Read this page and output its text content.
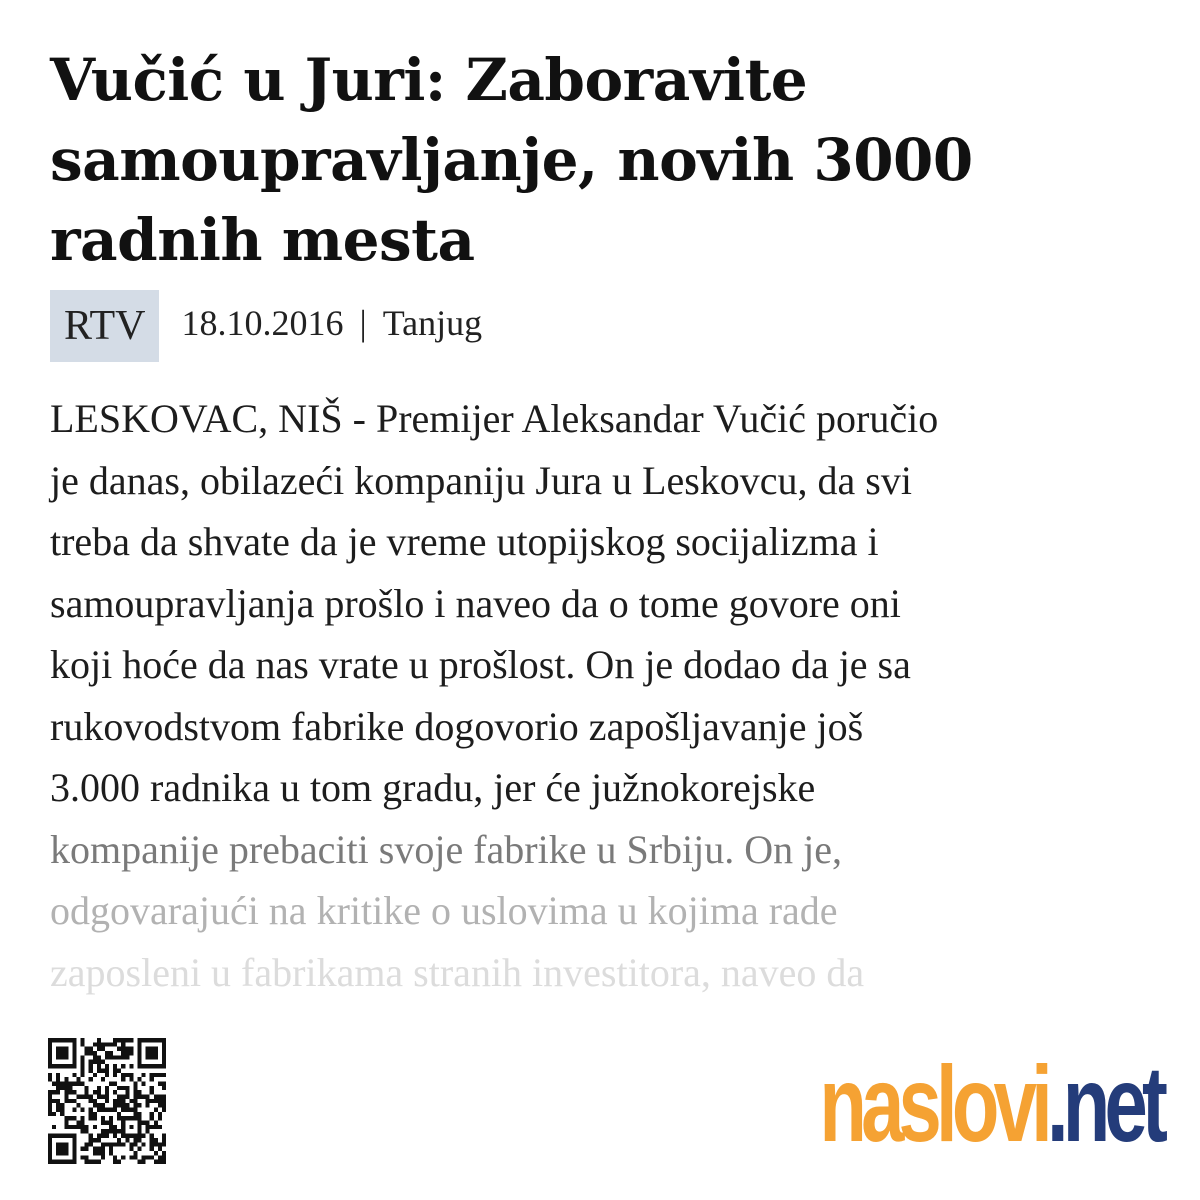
Vučić u Juri: Zaboravite samoupravljanje, novih 3000 radnih mesta
RTV	18.10.2016 | Tanjug
LESKOVAC, NIŠ - Premijer Aleksandar Vučić poručio
je danas, obilazeći kompaniju Jura u Leskovcu, da svi
treba da shvate da je vreme utopijskog socijalizma i
samoupravljanja prošlo i naveo da o tome govore oni
koji hoće da nas vrate u prošlost. On je dodao da je sa
rukovodstvom fabrike dogovorio zapošljavanje još
3.000 radnika u tom gradu, jer će južnokorejske
kompanije prebaciti svoje fabrike u Srbiju. On je,
odgovarajući na kritike o uslovima u kojima rade
zaposleni u fabrikama stranih investitora, naveo da
naslovi.net
